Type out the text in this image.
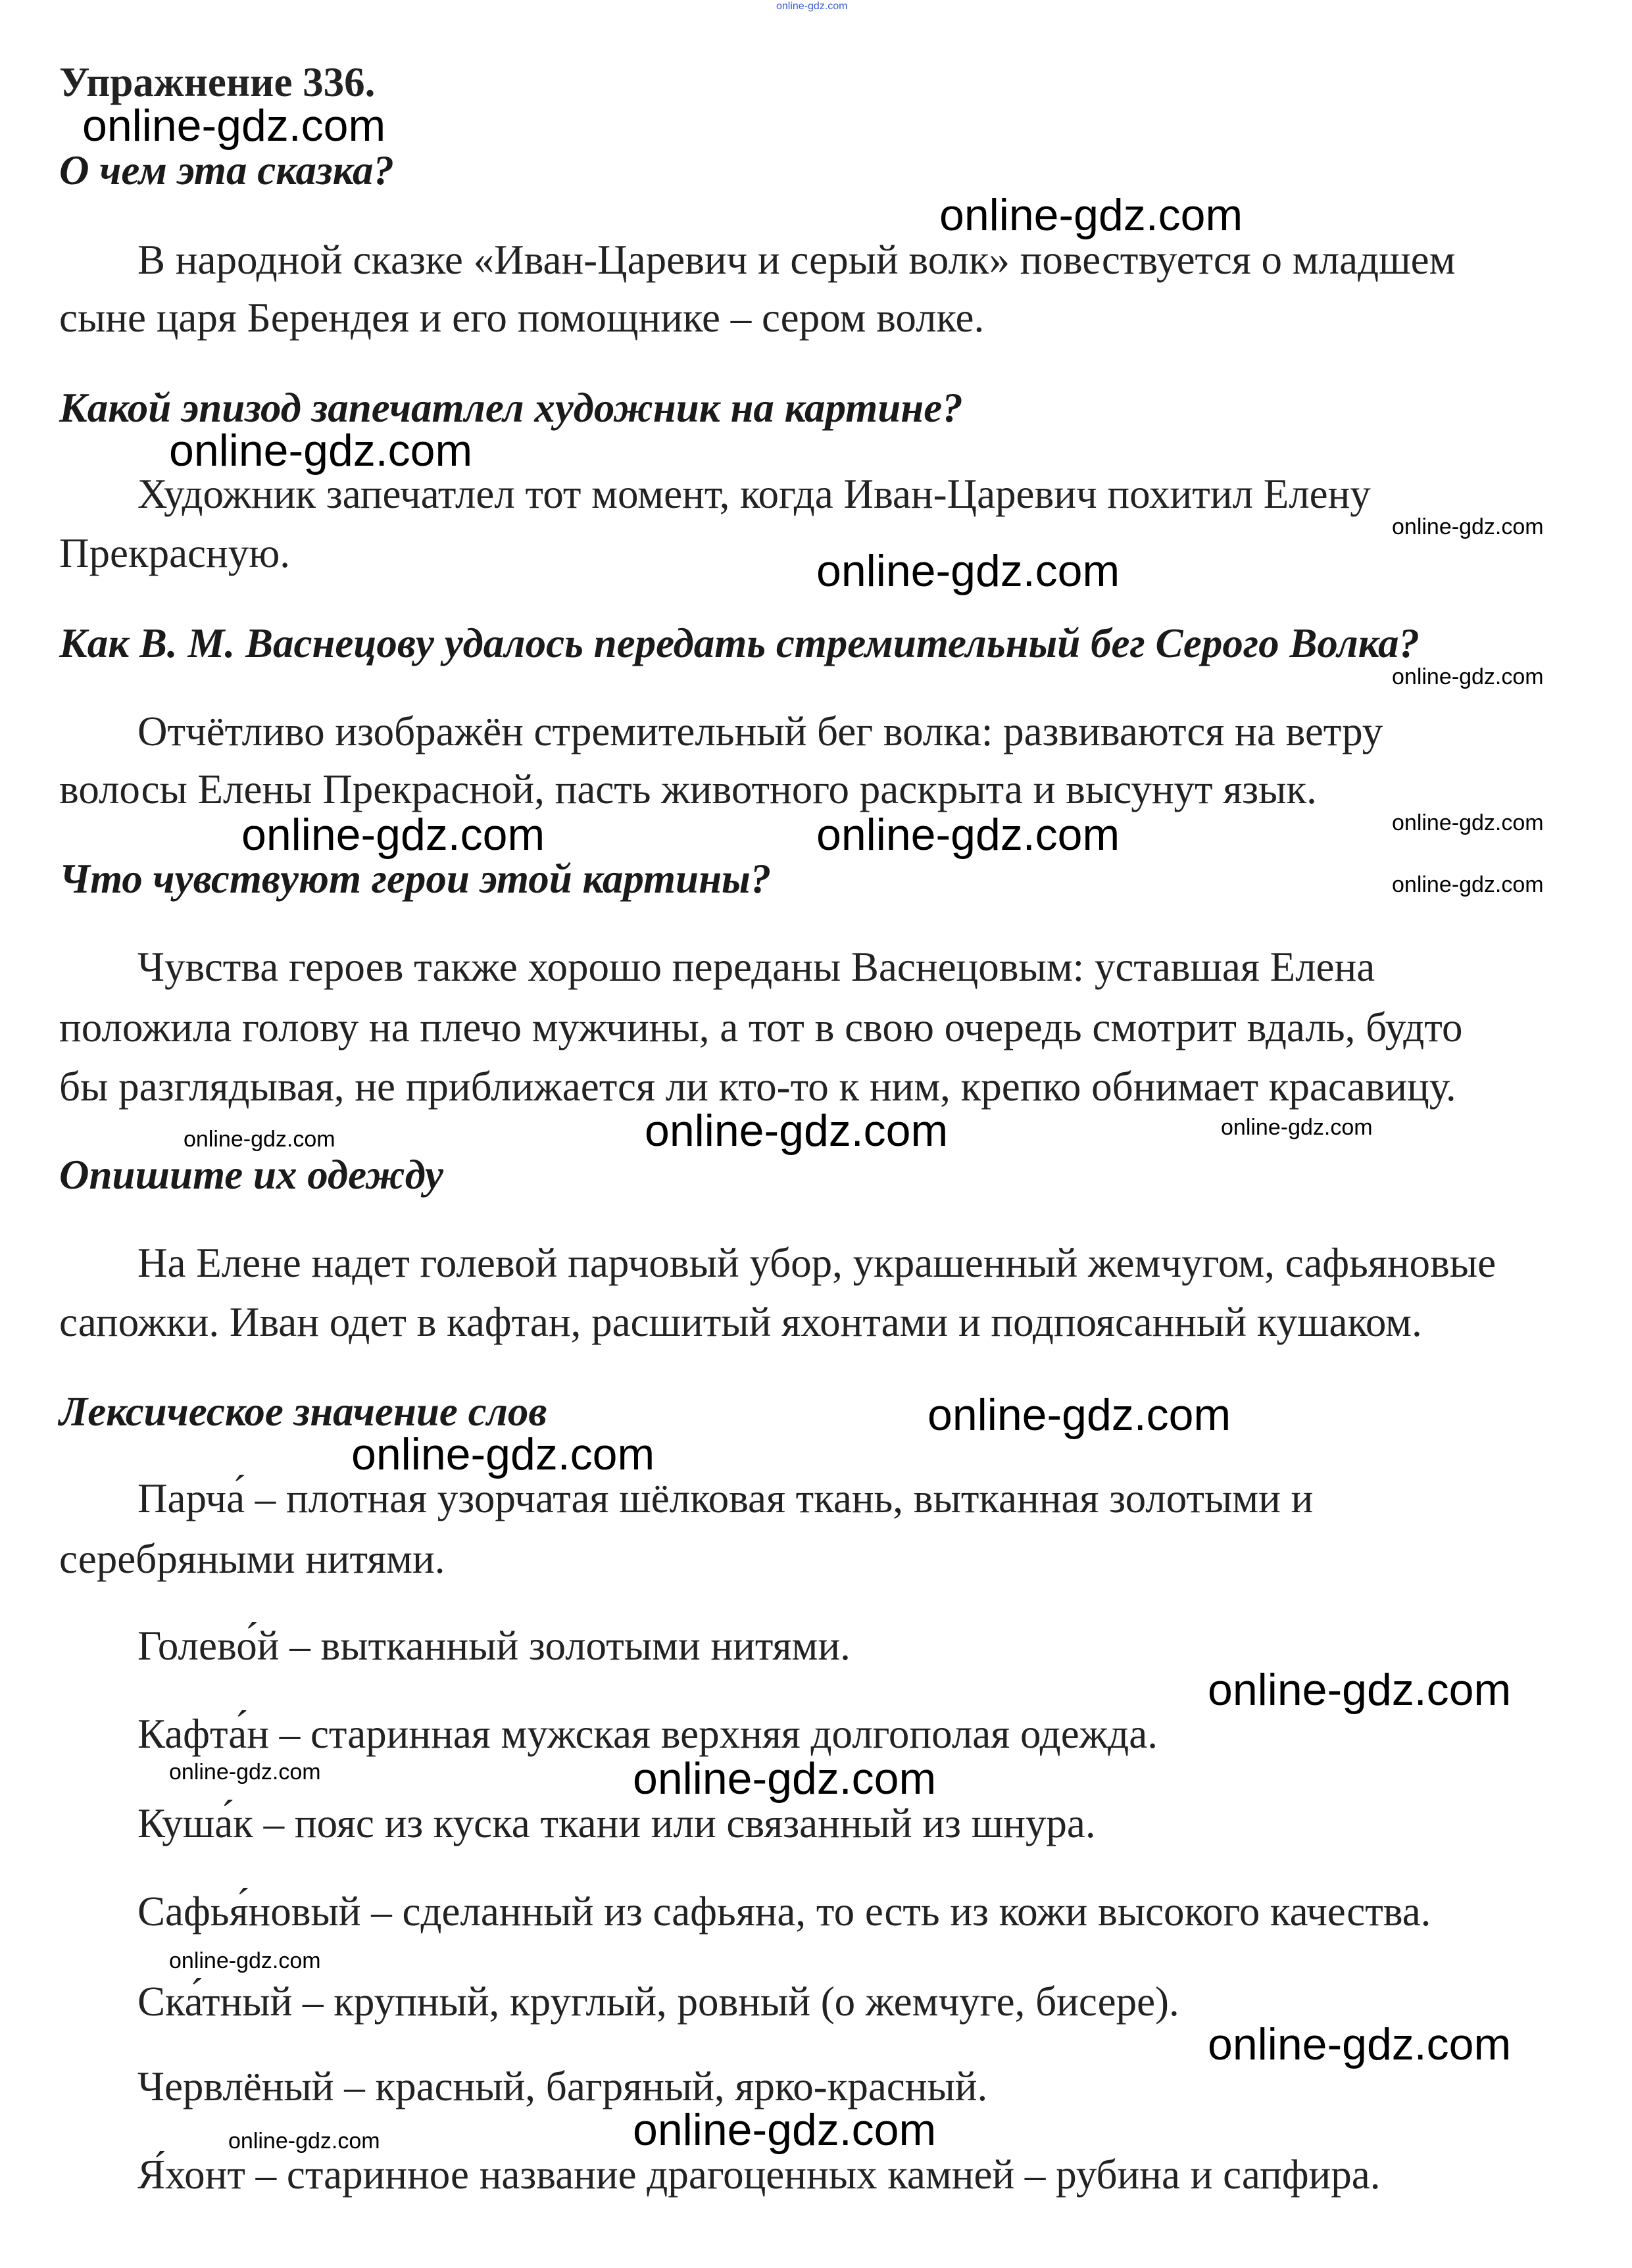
online-gdz.com
Упражнение 336.
О чем эта сказка?
В народной сказке «Иван-Царевич и серый волк» повествуется о младшем
сыне царя Берендея и его помощнике – сером волке.
Какой эпизод запечатлел художник на картине?
Художник запечатлел тот момент, когда Иван-Царевич похитил Елену
Прекрасную.
Как В. М. Васнецову удалось передать стремительный бег Серого Волка?
Отчётливо изображён стремительный бег волка: развиваются на ветру
волосы Елены Прекрасной, пасть животного раскрыта и высунут язык.
Что чувствуют герои этой картины?
Чувства героев также хорошо переданы Васнецовым: уставшая Елена
положила голову на плечо мужчины, а тот в свою очередь смотрит вдаль, будто
бы разглядывая, не приближается ли кто-то к ним, крепко обнимает красавицу.
Опишите их одежду
На Елене надет голевой парчовый убор, украшенный жемчугом, сафьяновые
сапожки. Иван одет в кафтан, расшитый яхонтами и подпоясанный кушаком.
Лексическое значение слов
Парча́ – плотная узорчатая шёлковая ткань, вытканная золотыми и
серебряными нитями.
Голево́й – вытканный золотыми нитями.
Кафта́н – старинная мужская верхняя долгополая одежда.
Куша́к – пояс из куска ткани или связанный из шнура.
Сафья́новый – сделанный из сафьяна, то есть из кожи высокого качества.
Ска́тный – крупный, круглый, ровный (о жемчуге, бисере).
Червлёный – красный, багряный, ярко-красный.
Я́хонт – старинное название драгоценных камней – рубина и сапфира.
online-gdz.com
online-gdz.com
online-gdz.com
online-gdz.com
online-gdz.com
online-gdz.com
online-gdz.com
online-gdz.com	online-gdz.com
online-gdz.com
online-gdz.com	online-gdz.com	online-gdz.com
online-gdz.com
online-gdz.com
online-gdz.com
online-gdz.com	online-gdz.com
online-gdz.com
online-gdz.com
online-gdz.com
online-gdz.com
